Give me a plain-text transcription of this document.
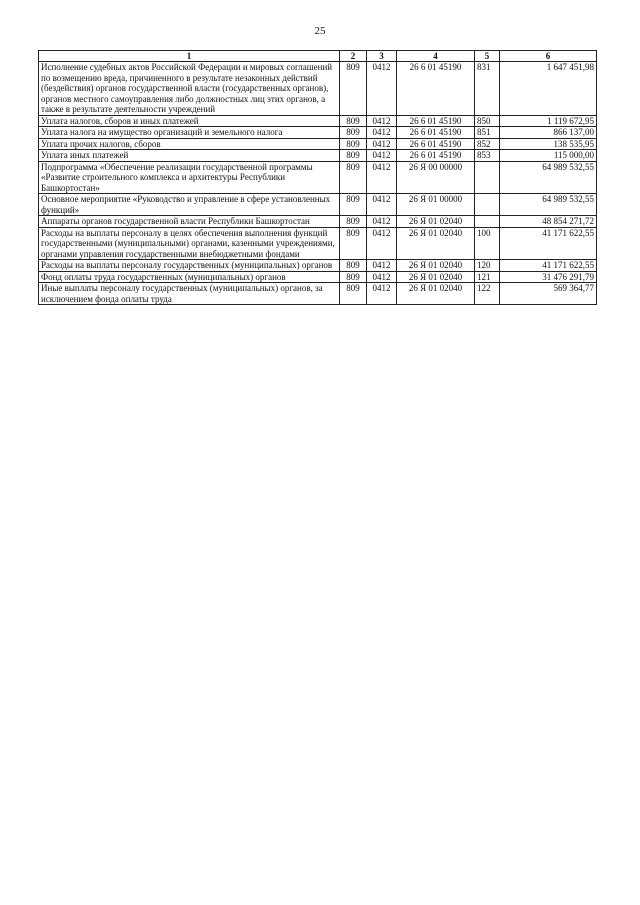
25
1	2	3	4	5	6
Исполнение судебных актов Российской Федерации и мировых соглашений по возмещению вреда, причиненного в результате незаконных действий (бездействия) органов государственной власти (государственных органов), органов местного самоуправления либо должностных лиц этих органов, а также в результате деятельности учреждений	809	0412	26 6 01 45190	831	1 647 451,98
Уплата налогов, сборов и иных платежей	809	0412	26 6 01 45190	850	1 119 672,95
Уплата налога на имущество организаций и земельного налога	809	0412	26 6 01 45190	851	866 137,00
Уплата прочих налогов, сборов	809	0412	26 6 01 45190	852	138 535,95
Уплата иных платежей	809	0412	26 6 01 45190	853	115 000,00
Подпрограмма «Обеспечение реализации государственной программы «Развитие строительного комплекса и архитектуры Республики Башкортостан»	809	0412	26 Я 00 00000		64 989 532,55
Основное мероприятие «Руководство и управление в сфере установленных функций»	809	0412	26 Я 01 00000		64 989 532,55
Аппараты органов государственной власти Республики Башкортостан	809	0412	26 Я 01 02040		48 854 271,72
Расходы на выплаты персоналу в целях обеспечения выполнения функций государственными (муниципальными) органами, казенными учреждениями, органами управления государственными внебюджетными фондами	809	0412	26 Я 01 02040	100	41 171 622,55
Расходы на выплаты персоналу государственных (муниципальных) органов	809	0412	26 Я 01 02040	120	41 171 622,55
Фонд оплаты труда государственных (муниципальных) органов	809	0412	26 Я 01 02040	121	31 476 291,79
Иные выплаты персоналу государственных (муниципальных) органов, за исключением фонда оплаты труда	809	0412	26 Я 01 02040	122	569 364,77
